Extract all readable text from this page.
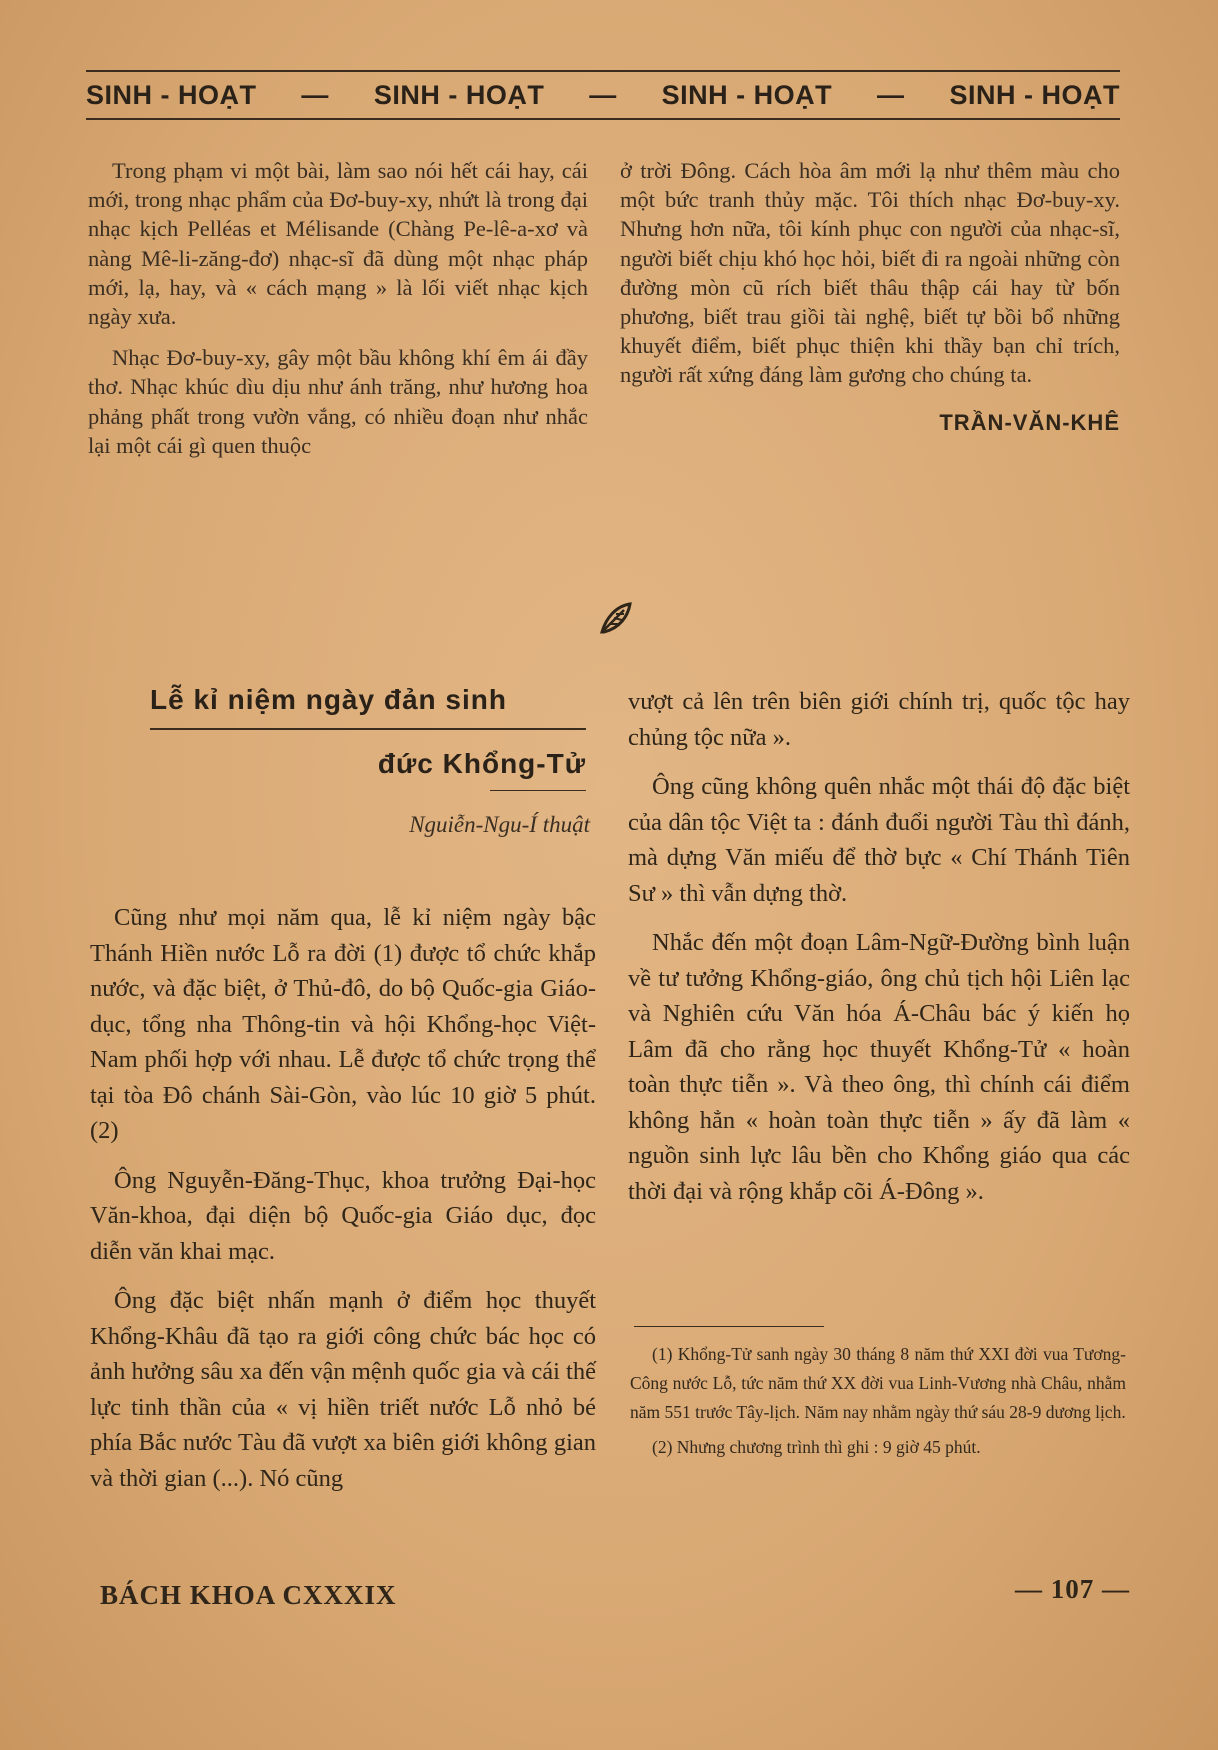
SINH - HOẠT — SINH - HOẠT — SINH - HOẠT — SINH - HOẠT

Trong phạm vi một bài, làm sao nói hết cái hay, cái mới, trong nhạc phẩm của Đơ-buy-xy, nhứt là trong đại nhạc kịch Pelléas et Mélisande (Chàng Pe-lê-a-xơ và nàng Mê-li-zăng-đơ) nhạc-sĩ đã dùng một nhạc pháp mới, lạ, hay, và « cách mạng » là lối viết nhạc kịch ngày xưa.

Nhạc Đơ-buy-xy, gây một bầu không khí êm ái đầy thơ. Nhạc khúc dìu dịu như ánh trăng, như hương hoa phảng phất trong vườn vắng, có nhiều đoạn như nhắc lại một cái gì quen thuộc

ở trời Đông. Cách hòa âm mới lạ như thêm màu cho một bức tranh thủy mặc. Tôi thích nhạc Đơ-buy-xy. Nhưng hơn nữa, tôi kính phục con người của nhạc-sĩ, người biết chịu khó học hỏi, biết đi ra ngoài những còn đường mòn cũ rích biết thâu thập cái hay từ bốn phương, biết trau giồi tài nghệ, biết tự bồi bổ những khuyết điểm, biết phục thiện khi thầy bạn chỉ trích, người rất xứng đáng làm gương cho chúng ta.

TRẦN-VĂN-KHÊ
Lễ kỉ niệm ngày đản sinh
đức Khổng-Tử
Nguiễn-Ngu-Í thuật

Cũng như mọi năm qua, lễ kỉ niệm ngày bậc Thánh Hiền nước Lỗ ra đời (1) được tổ chức khắp nước, và đặc biệt, ở Thủ-đô, do bộ Quốc-gia Giáo-dục, tổng nha Thông-tin và hội Khổng-học Việt-Nam phối hợp với nhau. Lễ được tổ chức trọng thể tại tòa Đô chánh Sài-Gòn, vào lúc 10 giờ 5 phút. (2)

Ông Nguyễn-Đăng-Thục, khoa trưởng Đại-học Văn-khoa, đại diện bộ Quốc-gia Giáo dục, đọc diễn văn khai mạc.

Ông đặc biệt nhấn mạnh ở điểm học thuyết Khổng-Khâu đã tạo ra giới công chức bác học có ảnh hưởng sâu xa đến vận mệnh quốc gia và cái thế lực tinh thần của « vị hiền triết nước Lỗ nhỏ bé phía Bắc nước Tàu đã vượt xa biên giới không gian và thời gian (...). Nó cũng

vượt cả lên trên biên giới chính trị, quốc tộc hay chủng tộc nữa ».

Ông cũng không quên nhắc một thái độ đặc biệt của dân tộc Việt ta : đánh đuổi người Tàu thì đánh, mà dựng Văn miếu để thờ bực « Chí Thánh Tiên Sư » thì vẫn dựng thờ.

Nhắc đến một đoạn Lâm-Ngữ-Đường bình luận về tư tưởng Khổng-giáo, ông chủ tịch hội Liên lạc và Nghiên cứu Văn hóa Á-Châu bác ý kiến họ Lâm đã cho rằng học thuyết Khổng-Tử « hoàn toàn thực tiễn ». Và theo ông, thì chính cái điểm không hẳn « hoàn toàn thực tiễn » ấy đã làm « nguồn sinh lực lâu bền cho Khổng giáo qua các thời đại và rộng khắp cõi Á-Đông ».

(1) Khổng-Tử sanh ngày 30 tháng 8 năm thứ XXI đời vua Tương-Công nước Lỗ, tức năm thứ XX đời vua Linh-Vương nhà Châu, nhằm năm 551 trước Tây-lịch. Năm nay nhằm ngày thứ sáu 28-9 dương lịch.

(2) Nhưng chương trình thì ghi : 9 giờ 45 phút.

BÁCH KHOA CXXXIX	— 107 —
